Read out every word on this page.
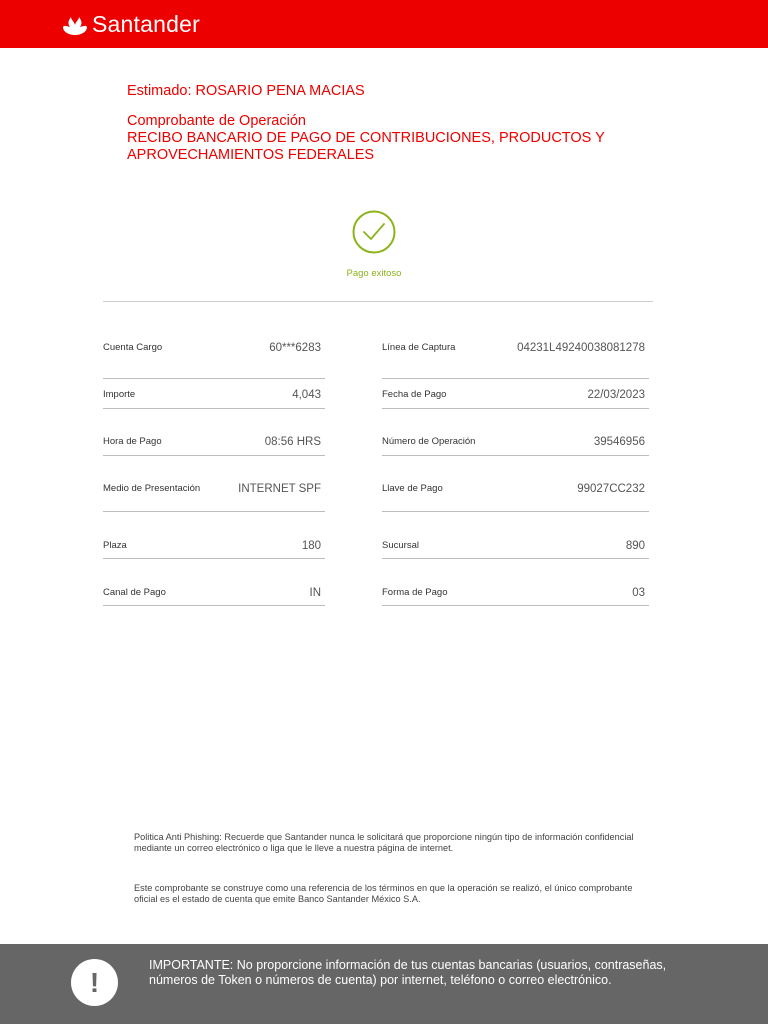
Santander

Estimado: ROSARIO PENA MACIAS

Comprobante de Operación

RECIBO BANCARIO DE PAGO DE CONTRIBUCIONES, PRODUCTOS Y APROVECHAMIENTOS FEDERALES

Pago exitoso
Cuenta Cargo	60***6283	Línea de Captura	04231L49240038081278
Importe	4,043	Fecha de Pago	22/03/2023
Hora de Pago	08:56 HRS	Número de Operación	39546956
Medio de Presentación	INTERNET SPF	Llave de Pago	99027CC232
Plaza	180	Sucursal	890
Canal de Pago	IN	Forma de Pago	03
Politica Anti Phishing: Recuerde que Santander nunca le solicitará que proporcione ningún tipo de información confidencial mediante un correo electrónico o liga que le lleve a nuestra página de internet.
Este comprobante se construye como una referencia de los términos en que la operación se realizó, el único comprobante oficial es el estado de cuenta que emite Banco Santander México S.A.
!
IMPORTANTE: No proporcione información de tus cuentas bancarias (usuarios, contraseñas, números de Token o números de cuenta) por internet, teléfono o correo electrónico.
